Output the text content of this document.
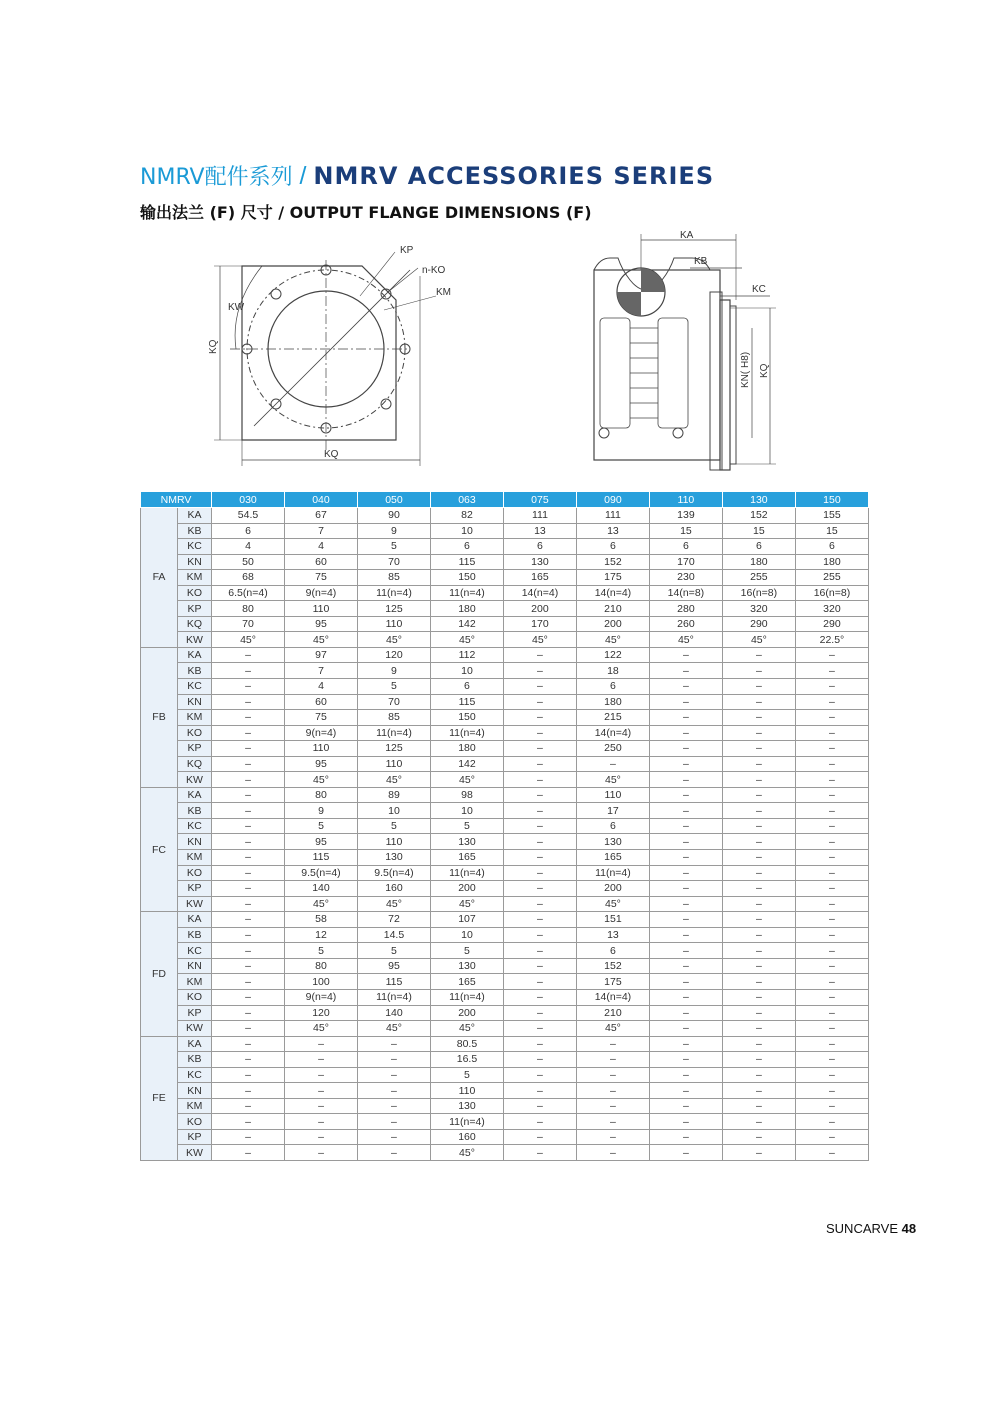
NMRV配件系列 / NMRV ACCESSORIES SERIES
输出法兰 (F) 尺寸 / OUTPUT FLANGE DIMENSIONS (F)
KP
n-KO
KM
KW
KQ
KQ
KA
KB
KC
KN( H8) KQ
NMRV		030	040	050	063	075	090	110	130	150
FA	KA	54.5	67	90	82	111	111	139	152	155
	KB	6	7	9	10	13	13	15	15	15
	KC	4	4	5	6	6	6	6	6	6
	KN	50	60	70	115	130	152	170	180	180
	KM	68	75	85	150	165	175	230	255	255
	KO	6.5(n=4)	9(n=4)	11(n=4)	11(n=4)	14(n=4)	14(n=4)	14(n=8)	16(n=8)	16(n=8)
	KP	80	110	125	180	200	210	280	320	320
	KQ	70	95	110	142	170	200	260	290	290
	KW	45°	45°	45°	45°	45°	45°	45°	45°	22.5°
FB	KA	–	97	120	112	–	122	–	–	–
	KB	–	7	9	10	–	18	–	–	–
	KC	–	4	5	6	–	6	–	–	–
	KN	–	60	70	115	–	180	–	–	–
	KM	–	75	85	150	–	215	–	–	–
	KO	–	9(n=4)	11(n=4)	11(n=4)	–	14(n=4)	–	–	–
	KP	–	110	125	180	–	250	–	–	–
	KQ	–	95	110	142	–	–	–	–	–
	KW	–	45°	45°	45°	–	45°	–	–	–
FC	KA	–	80	89	98	–	110	–	–	–
	KB	–	9	10	10	–	17	–	–	–
	KC	–	5	5	5	–	6	–	–	–
	KN	–	95	110	130	–	130	–	–	–
	KM	–	115	130	165	–	165	–	–	–
	KO	–	9.5(n=4)	9.5(n=4)	11(n=4)	–	11(n=4)	–	–	–
	KP	–	140	160	200	–	200	–	–	–
	KW	–	45°	45°	45°	–	45°	–	–	–
FD	KA	–	58	72	107	–	151	–	–	–
	KB	–	12	14.5	10	–	13	–	–	–
	KC	–	5	5	5	–	6	–	–	–
	KN	–	80	95	130	–	152	–	–	–
	KM	–	100	115	165	–	175	–	–	–
	KO	–	9(n=4)	11(n=4)	11(n=4)	–	14(n=4)	–	–	–
	KP	–	120	140	200	–	210	–	–	–
	KW	–	45°	45°	45°	–	45°	–	–	–
FE	KA	–	–	–	80.5	–	–	–	–	–
	KB	–	–	–	16.5	–	–	–	–	–
	KC	–	–	–	5	–	–	–	–	–
	KN	–	–	–	110	–	–	–	–	–
	KM	–	–	–	130	–	–	–	–	–
	KO	–	–	–	11(n=4)	–	–	–	–	–
	KP	–	–	–	160	–	–	–	–	–
	KW	–	–	–	45°	–	–	–	–	–
SUNCARVE 48
